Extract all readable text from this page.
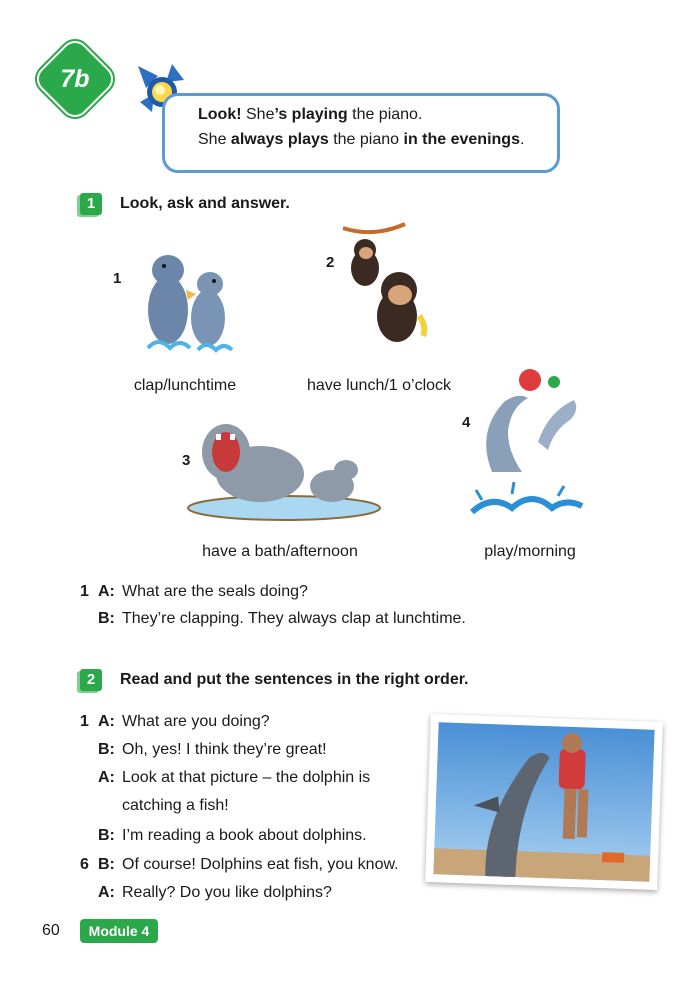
7b
Look! She’s playing the piano.
She always plays the piano in the evenings.
1	Look, ask and answer.
1
clap/lunchtime
2
have lunch/1 o’clock
3
have a bath/afternoon
4
play/morning
1 A: What are the seals doing?
B: They’re clapping. They always clap at lunchtime.
2	Read and put the sentences in the right order.
1 A: What are you doing?
B: Oh, yes! I think they’re great!
A: Look at that picture – the dolphin is
catching a fish!
B: I’m reading a book about dolphins.
6 B: Of course! Dolphins eat fish, you know.
A: Really? Do you like dolphins?
60	Module 4
